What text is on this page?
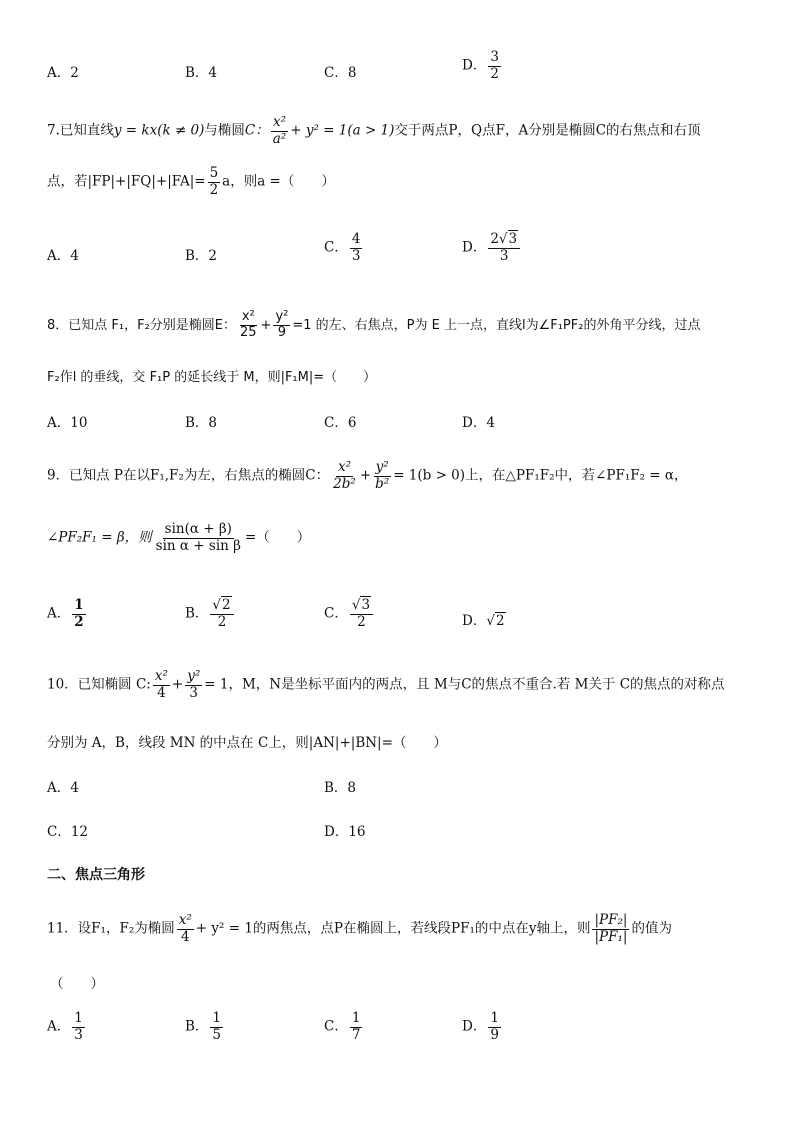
A．2	B．4	C．8	D． $\frac{3}{2}$
7.已知直线y = kx(k ≠ 0)与椭圆C： $\frac{\text{x²}}{\text{a²}} + y^2 = 1(a > 1)$交于两点P，Q点F，A分别是椭圆C的右焦点和右顶
点，若$|FP|+|FQ|+|FA|= \frac{5}{2}$ a，则a =（　　）
A．4	B．2
C． $\frac{4}{3}$	D． $\frac{2√3}{3}$
8．已知点 F₁，F₂分别是椭圆E： $\frac{\text{x²}}{25} + \frac{\text{y²}}{9} =1$ 的左、右焦点，P为 E 上一点，直线l为∠F₁PF₂的外角平分线，过点
F₂作l 的垂线，交 F₁P 的延长线于 M，则|F₁M|=（　　）
A．10	B．8	C．6	D．4
9．已知点 P在以F₁,F₂为左，右焦点的椭圆C： $\frac{\text{x²}}{\text{2b²}} + \frac{\text{y²}}{\text{b²}} = 1(b > 0)$上，在△PF₁F₂中，若∠PF₁F₂ = α，
∠PF₂F₁ = β，则 $\frac{\sin(\alpha + \beta)}{\text{sin α + sin β}}$ =（　　）
A． $\frac{1}{2}$	B． $\frac{√2}{2}$	C． $\frac{√3}{2}$	D．√2
10．已知椭圆 C: $\frac{\text{x²}}{4} + \frac{\text{y²}}{3} = 1$，M，N是坐标平面内的两点，且 M与C的焦点不重合.若 M关于 C的焦点的对称点
分别为 A，B，线段 MN 的中点在 C上，则|AN|+|BN|=（　　）
A．4	B．8
C．12	D．16
二、焦点三角形
11．设F₁，F₂为椭圆 $\frac{\text{x²}}{4} + y^2 = 1$的两焦点，点P在椭圆上，若线段PF₁的中点在y轴上，则 $\frac{\text{|PF₂|}}{\text{|PF₁|}}$ 的值为
（　　）
A． $\frac{1}{3}$	B． $\frac{1}{5}$	C． $\frac{1}{7}$	D． $\frac{1}{9}$
